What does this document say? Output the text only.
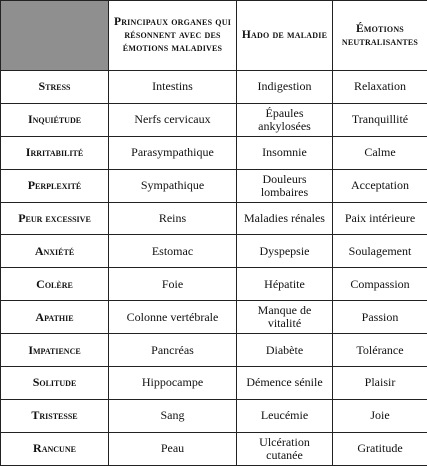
	Principaux organes qui résonnent avec des émotions maladives	Hado de maladie	Émotions neutralisantes
Stress	Intestins	Indigestion	Relaxation
Inquiétude	Nerfs cervicaux	Épaules ankylosées	Tranquillité
Irritabilité	Parasympathique	Insomnie	Calme
Perplexité	Sympathique	Douleurs lombaires	Acceptation
Peur excessive	Reins	Maladies rénales	Paix intérieure
Anxiété	Estomac	Dyspepsie	Soulagement
Colère	Foie	Hépatite	Compassion
Apathie	Colonne vertébrale	Manque de vitalité	Passion
Impatience	Pancréas	Diabète	Tolérance
Solitude	Hippocampe	Démence sénile	Plaisir
Tristesse	Sang	Leucémie	Joie
Rancune	Peau	Ulcération cutanée	Gratitude
